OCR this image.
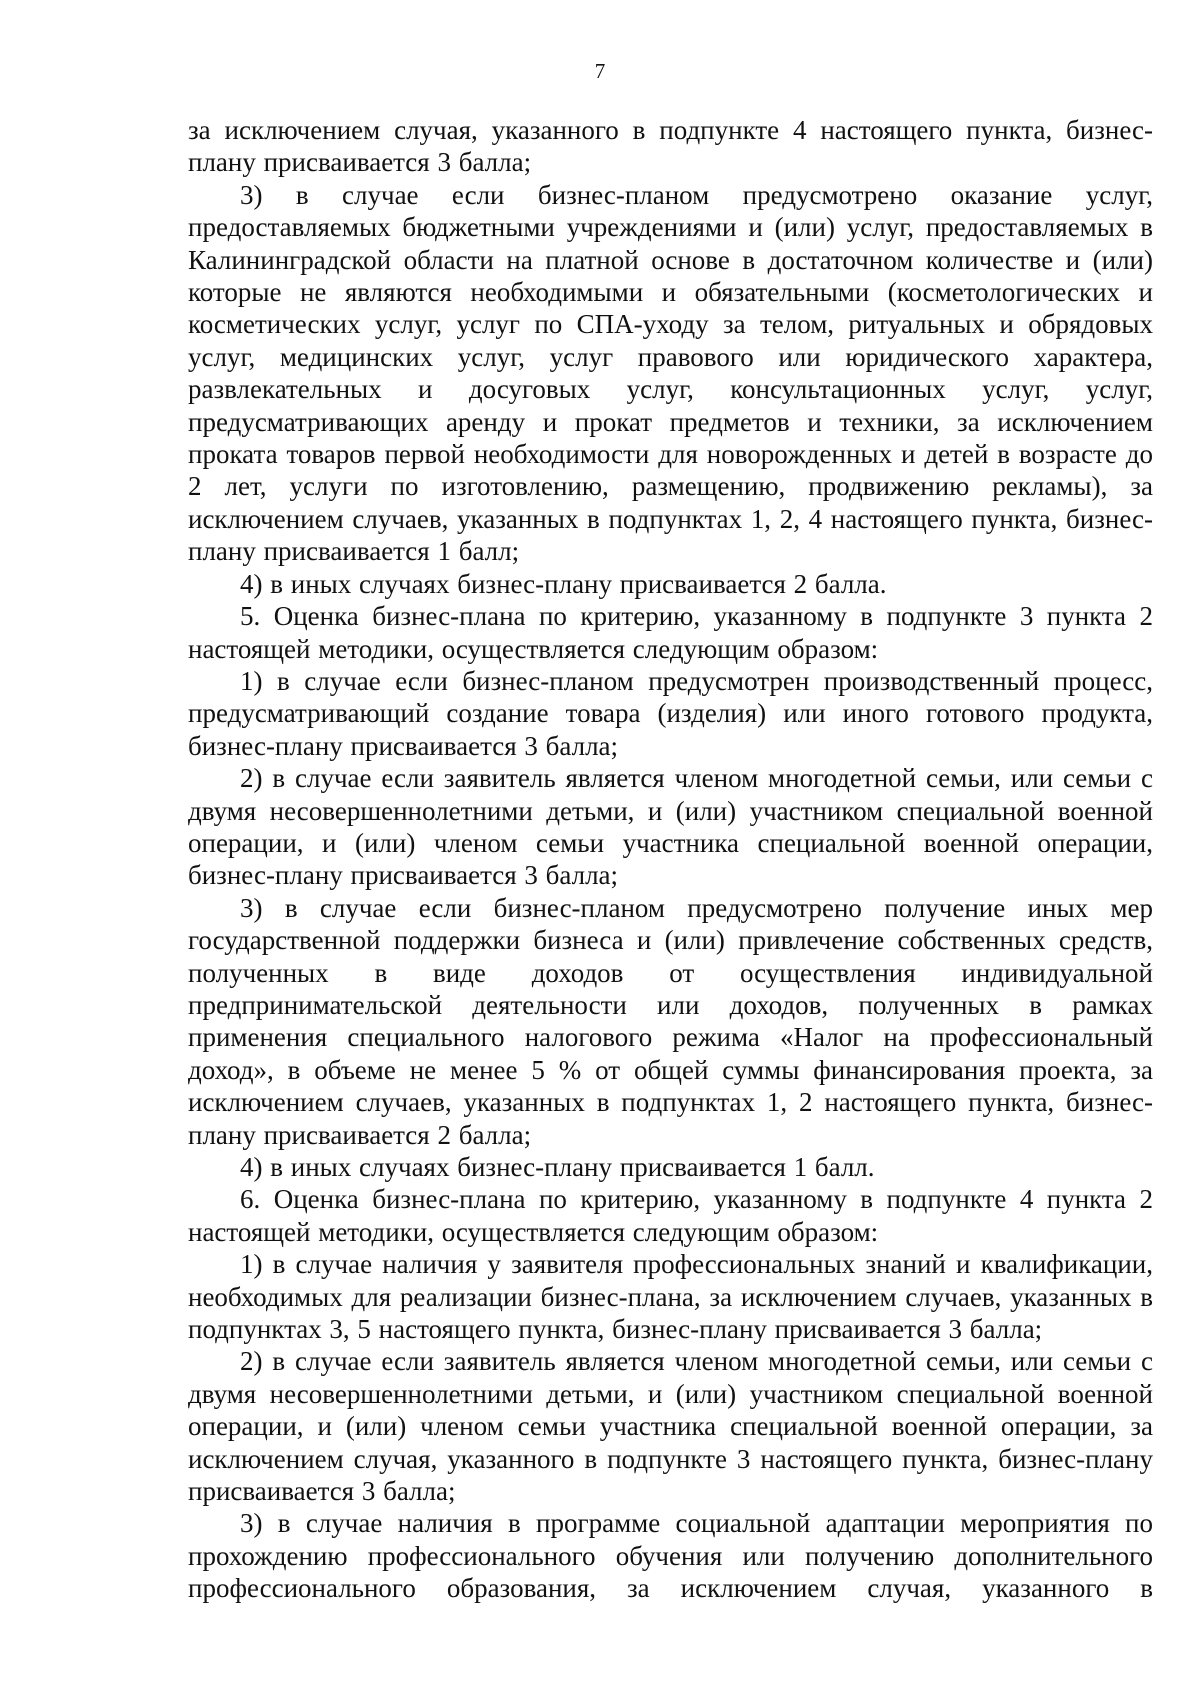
7

за исключением случая, указанного в подпункте 4 настоящего пункта, бизнес-плану присваивается 3 балла;

3) в случае если бизнес-планом предусмотрено оказание услуг, предоставляемых бюджетными учреждениями и (или) услуг, предоставляемых в Калининградской области на платной основе в достаточном количестве и (или) которые не являются необходимыми и обязательными (косметологических и косметических услуг, услуг по СПА-уходу за телом, ритуальных и обрядовых услуг, медицинских услуг, услуг правового или юридического характера, развлекательных и досуговых услуг, консультационных услуг, услуг, предусматривающих аренду и прокат предметов и техники, за исключением проката товаров первой необходимости для новорожденных и детей в возрасте до 2 лет, услуги по изготовлению, размещению, продвижению рекламы), за исключением случаев, указанных в подпунктах 1, 2, 4 настоящего пункта, бизнес-плану присваивается 1 балл;

4) в иных случаях бизнес-плану присваивается 2 балла.

5. Оценка бизнес-плана по критерию, указанному в подпункте 3 пункта 2 настоящей методики, осуществляется следующим образом:

1) в случае если бизнес-планом предусмотрен производственный процесс, предусматривающий создание товара (изделия) или иного готового продукта, бизнес-плану присваивается 3 балла;

2) в случае если заявитель является членом многодетной семьи, или семьи с двумя несовершеннолетними детьми, и (или) участником специальной военной операции, и (или) членом семьи участника специальной военной операции, бизнес-плану присваивается 3 балла;

3) в случае если бизнес-планом предусмотрено получение иных мер государственной поддержки бизнеса и (или) привлечение собственных средств, полученных в виде доходов от осуществления индивидуальной предпринимательской деятельности или доходов, полученных в рамках применения специального налогового режима «Налог на профессиональный доход», в объеме не менее 5 % от общей суммы финансирования проекта, за исключением случаев, указанных в подпунктах 1, 2 настоящего пункта, бизнес-плану присваивается 2 балла;

4) в иных случаях бизнес-плану присваивается 1 балл.

6. Оценка бизнес-плана по критерию, указанному в подпункте 4 пункта 2 настоящей методики, осуществляется следующим образом:

1) в случае наличия у заявителя профессиональных знаний и квалификации, необходимых для реализации бизнес-плана, за исключением случаев, указанных в подпунктах 3, 5 настоящего пункта, бизнес-плану присваивается 3 балла;

2) в случае если заявитель является членом многодетной семьи, или семьи с двумя несовершеннолетними детьми, и (или) участником специальной военной операции, и (или) членом семьи участника специальной военной операции, за исключением случая, указанного в подпункте 3 настоящего пункта, бизнес-плану присваивается 3 балла;

3) в случае наличия в программе социальной адаптации мероприятия по прохождению профессионального обучения или получению дополнительного профессионального образования, за исключением случая, указанного в
